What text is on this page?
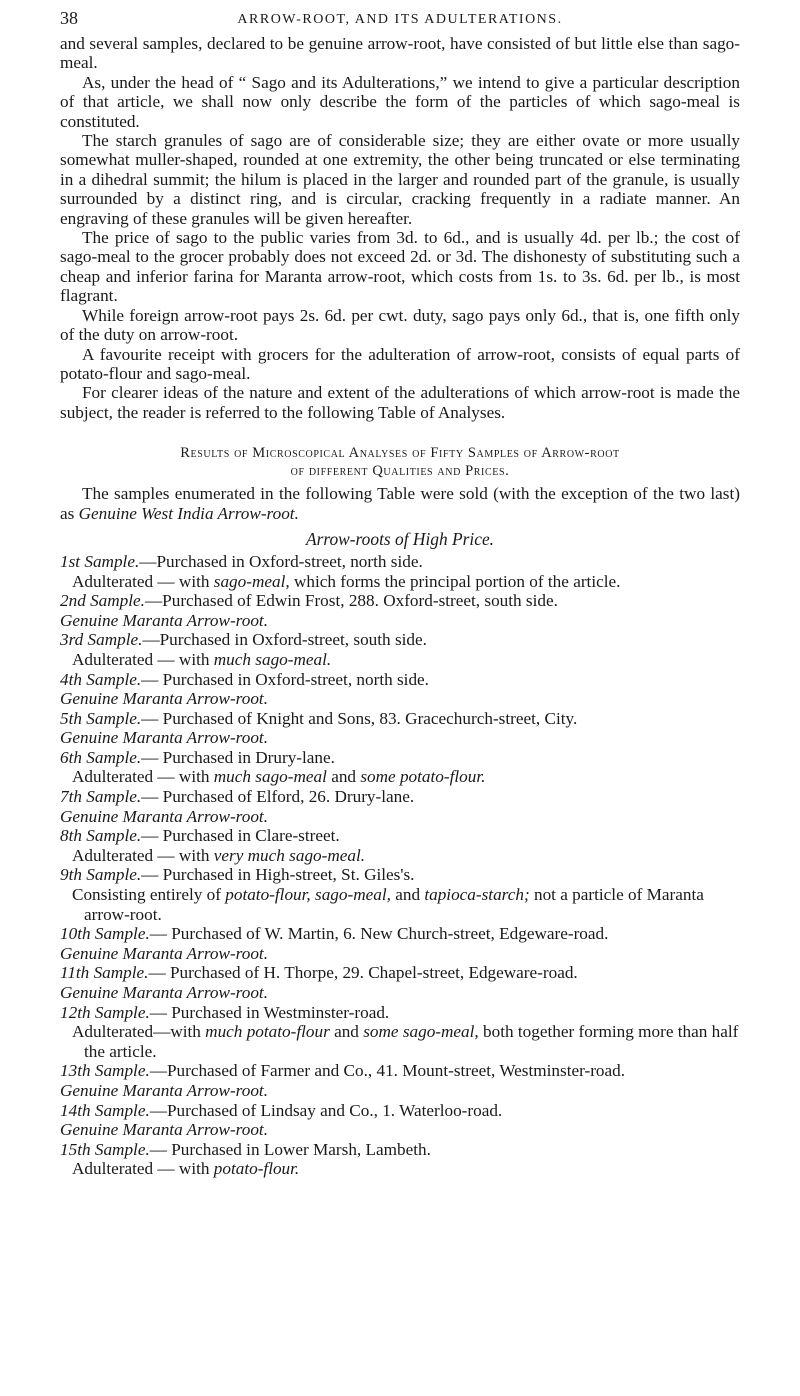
38	ARROW-ROOT, AND ITS ADULTERATIONS.

and several samples, declared to be genuine arrow-root, have consisted of but little else than sago-meal.

As, under the head of “ Sago and its Adulterations,” we intend to give a particular description of that article, we shall now only describe the form of the particles of which sago-meal is constituted.

The starch granules of sago are of considerable size; they are either ovate or more usually somewhat muller-shaped, rounded at one extremity, the other being truncated or else terminating in a dihedral summit; the hilum is placed in the larger and rounded part of the granule, is usually surrounded by a distinct ring, and is circular, cracking frequently in a radiate manner. An engraving of these granules will be given hereafter.

The price of sago to the public varies from 3d. to 6d., and is usually 4d. per lb.; the cost of sago-meal to the grocer probably does not exceed 2d. or 3d. The dishonesty of substituting such a cheap and inferior farina for Maranta arrow-root, which costs from 1s. to 3s. 6d. per lb., is most flagrant.

While foreign arrow-root pays 2s. 6d. per cwt. duty, sago pays only 6d., that is, one fifth only of the duty on arrow-root.

A favourite receipt with grocers for the adulteration of arrow-root, consists of equal parts of potato-flour and sago-meal.

For clearer ideas of the nature and extent of the adulterations of which arrow-root is made the subject, the reader is referred to the following Table of Analyses.

Results of Microscopical Analyses of Fifty Samples of Arrow-root
of different Qualities and Prices.

The samples enumerated in the following Table were sold (with the exception of the two last) as Genuine West India Arrow-root.

Arrow-roots of High Price.
1st Sample.—Purchased in Oxford-street, north side.
Adulterated — with sago-meal, which forms the principal portion of the article.
2nd Sample.—Purchased of Edwin Frost, 288. Oxford-street, south side.
Genuine Maranta Arrow-root.
3rd Sample.—Purchased in Oxford-street, south side.
Adulterated — with much sago-meal.
4th Sample.— Purchased in Oxford-street, north side.
Genuine Maranta Arrow-root.
5th Sample.— Purchased of Knight and Sons, 83. Gracechurch-street, City.
Genuine Maranta Arrow-root.
6th Sample.— Purchased in Drury-lane.
Adulterated — with much sago-meal and some potato-flour.
7th Sample.— Purchased of Elford, 26. Drury-lane.
Genuine Maranta Arrow-root.
8th Sample.— Purchased in Clare-street.
Adulterated — with very much sago-meal.
9th Sample.— Purchased in High-street, St. Giles's.
Consisting entirely of potato-flour, sago-meal, and tapioca-starch; not a particle of Maranta arrow-root.
10th Sample.— Purchased of W. Martin, 6. New Church-street, Edgeware-road.
Genuine Maranta Arrow-root.
11th Sample.— Purchased of H. Thorpe, 29. Chapel-street, Edgeware-road.
Genuine Maranta Arrow-root.
12th Sample.— Purchased in Westminster-road.
Adulterated—with much potato-flour and some sago-meal, both together forming more than half the article.
13th Sample.—Purchased of Farmer and Co., 41. Mount-street, Westminster-road.
Genuine Maranta Arrow-root.
14th Sample.—Purchased of Lindsay and Co., 1. Waterloo-road.
Genuine Maranta Arrow-root.
15th Sample.— Purchased in Lower Marsh, Lambeth.
Adulterated — with potato-flour.
